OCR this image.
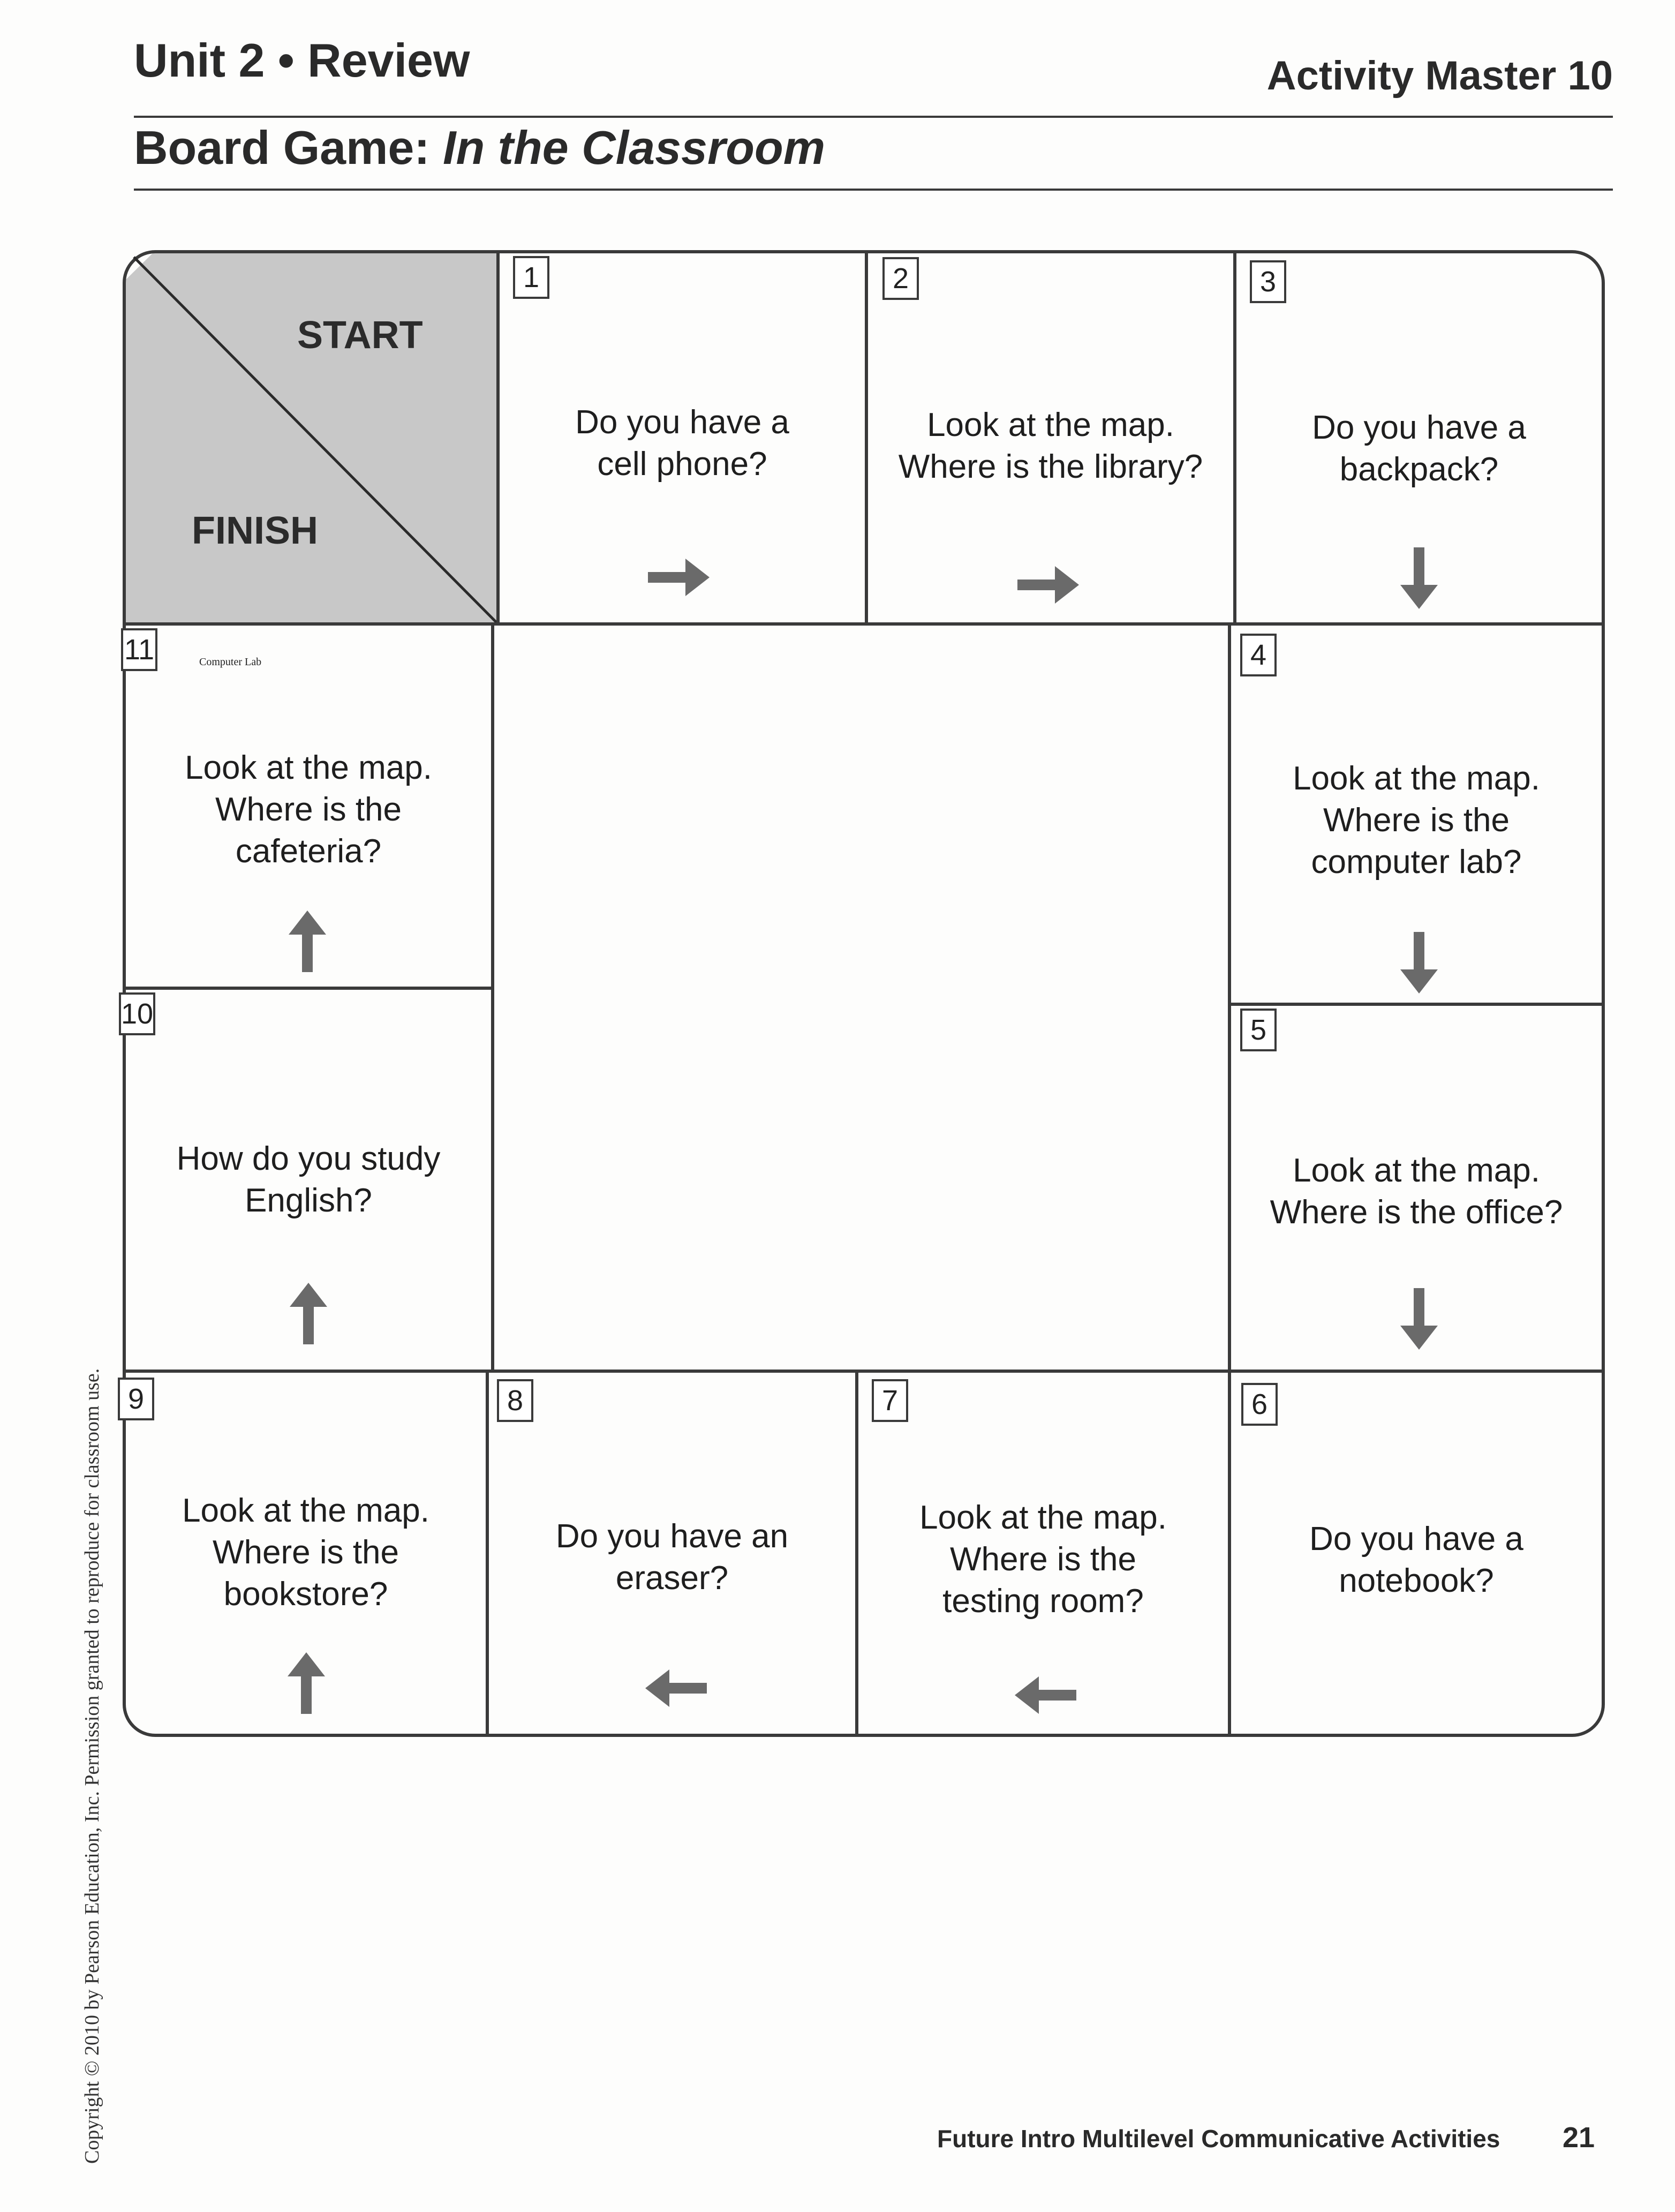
Unit 2 • Review	Activity Master 10
Board Game: In the Classroom
START
FINISH
1
Do you have a
cell phone?
2
Look at the map.
Where is the library?
3
Do you have a
backpack?
4
Look at the map.
Where is the
computer lab?
5
Look at the map.
Where is the office?
6
Do you have a
notebook?
7
Look at the map.
Where is the
testing room?
8
Do you have an
eraser?
9
Look at the map.
Where is the
bookstore?
10
How do you study
English?
11	Computer Lab
Look at the map.
Where is the
cafeteria?
Copyright © 2010 by Pearson Education, Inc. Permission granted to reproduce for classroom use.	Future Intro Multilevel Communicative Activities 21
